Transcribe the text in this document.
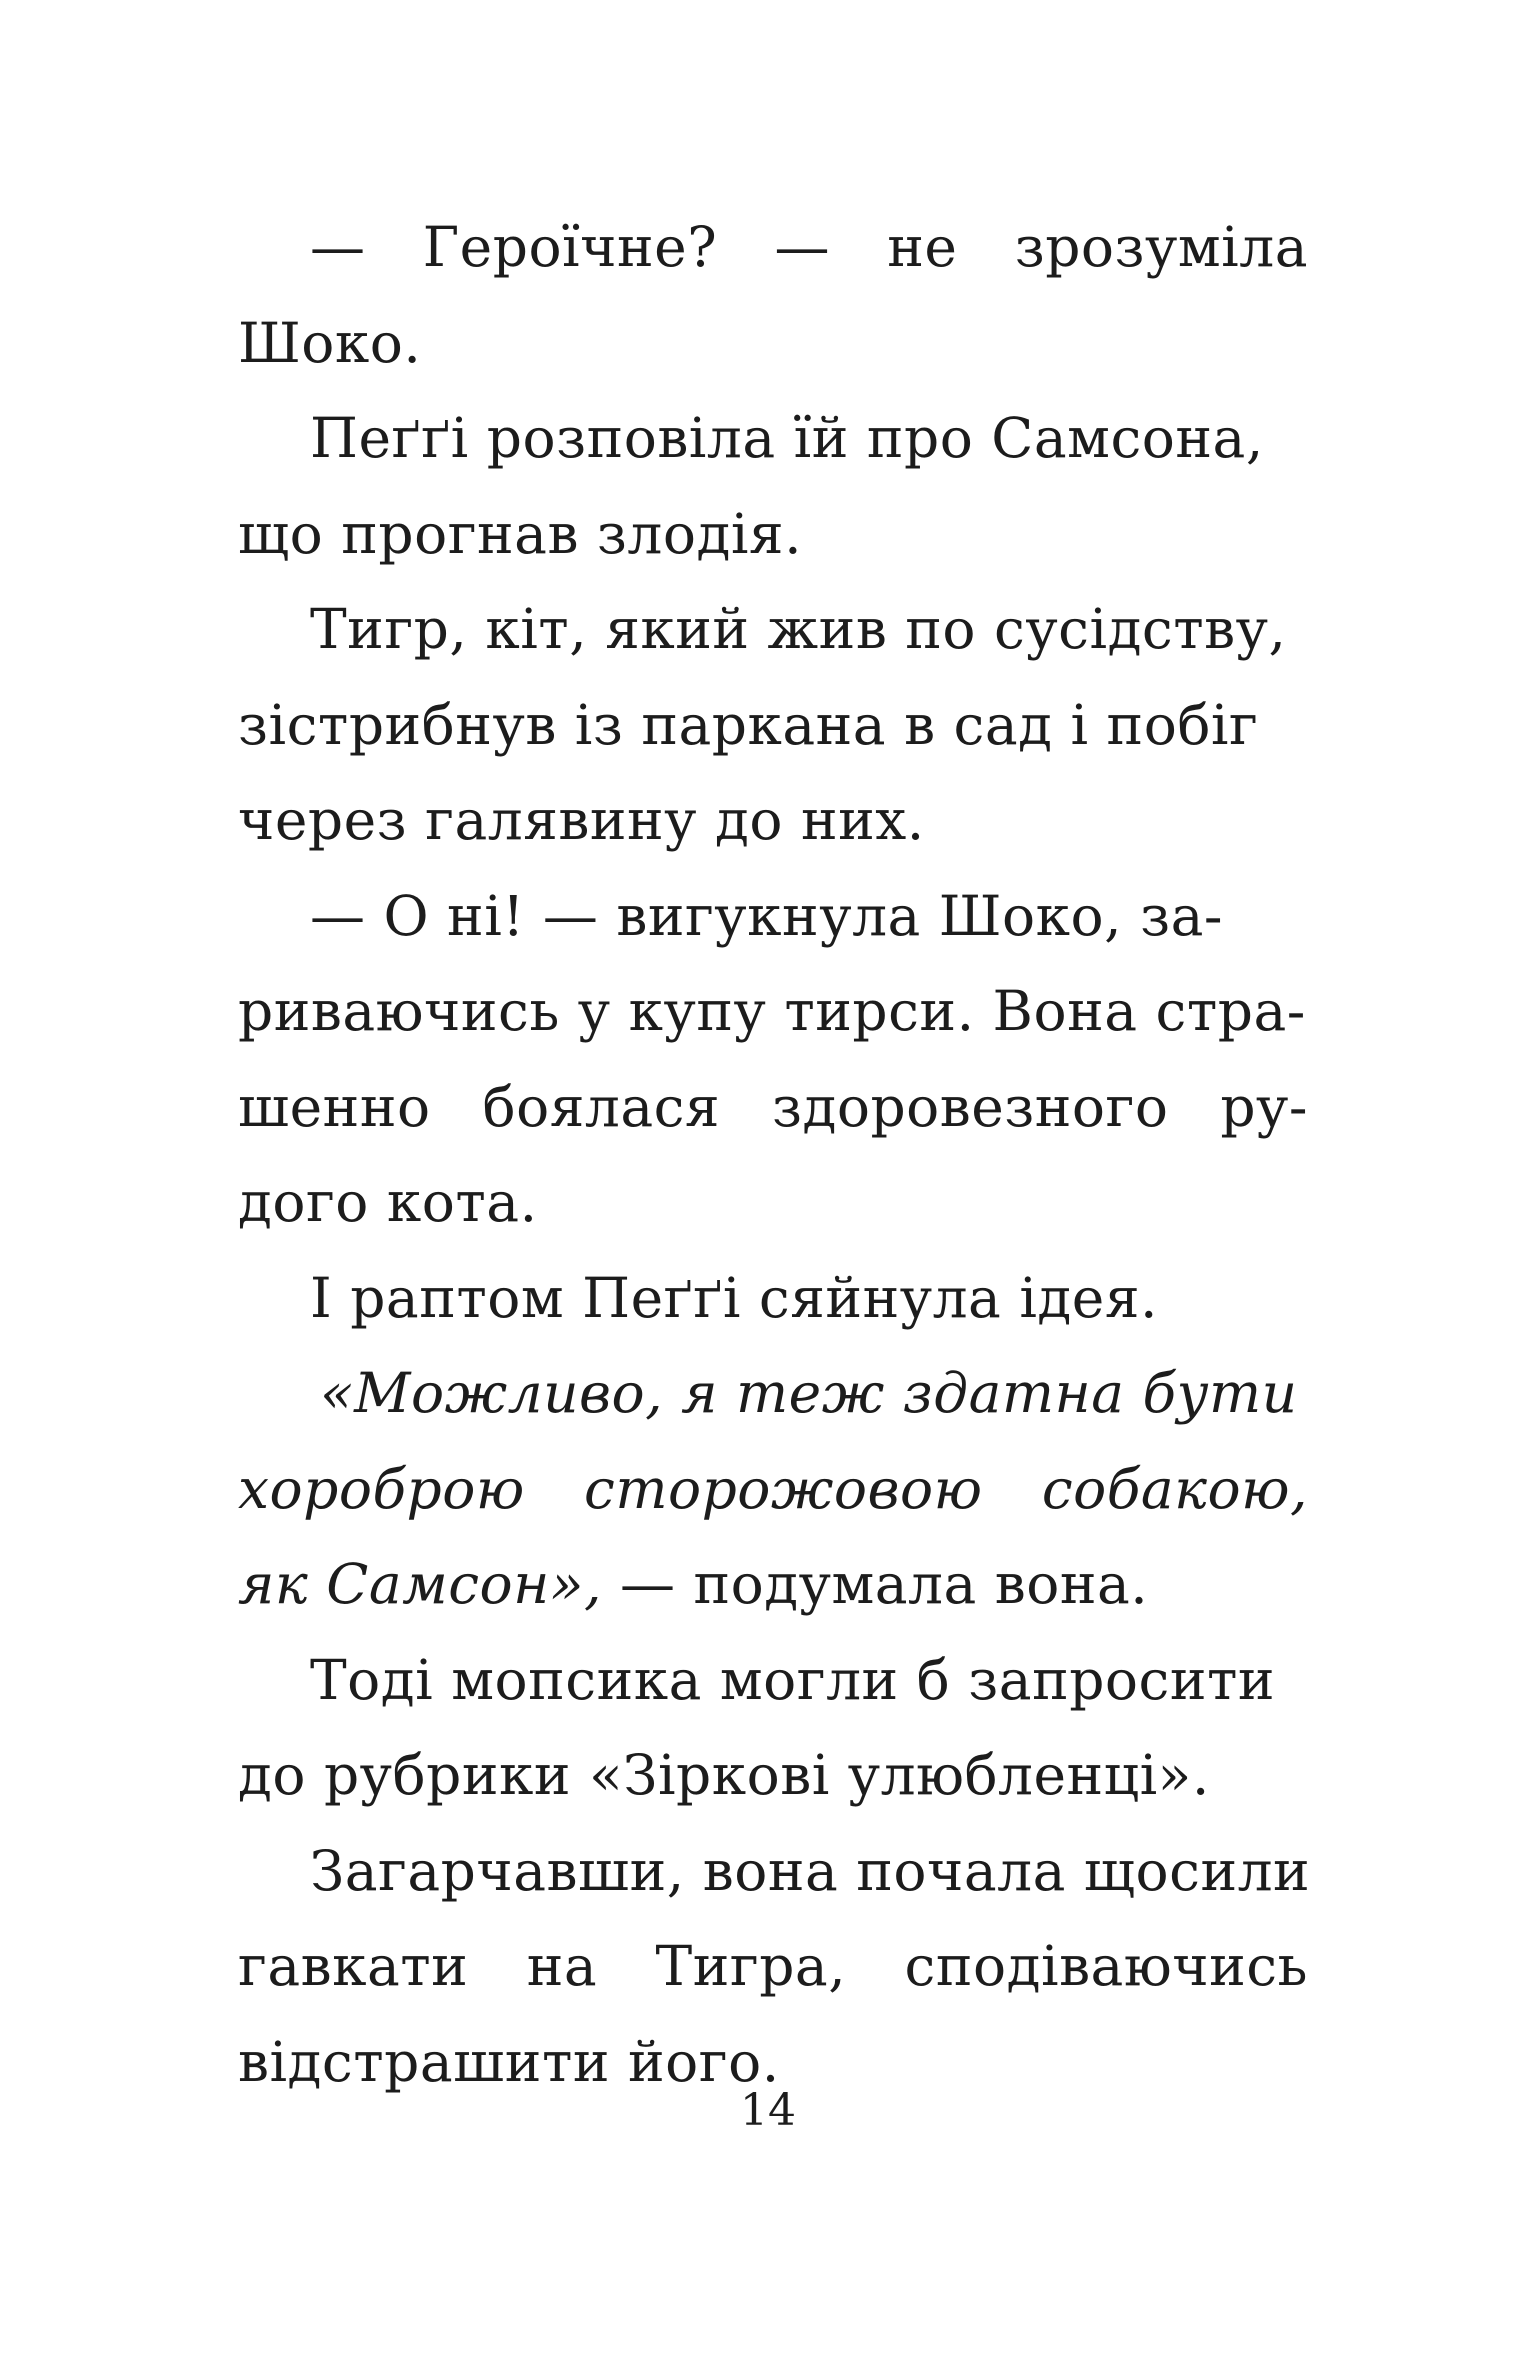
— Героїчне? — не зрозуміла
Шоко.
Пеґґі розповіла їй про Самсона,
що прогнав злодія.
Тигр, кіт, який жив по сусідству,
зістрибнув із паркана в сад і побіг
через галявину до них.
— О ні! — вигукнула Шоко, за-
риваючись у купу тирси. Вона стра-
шенно боялася здоровезного ру-
дого кота.
І раптом Пеґґі сяйнула ідея.
«Можливо, я теж здатна бути
хороброю сторожовою собакою,
як Самсон», — подумала вона.
Тоді мопсика могли б запросити
до рубрики «Зіркові улюбленці».
Загарчавши, вона почала щосили
гавкати на Тигра, сподіваючись
відстрашити його.
14
